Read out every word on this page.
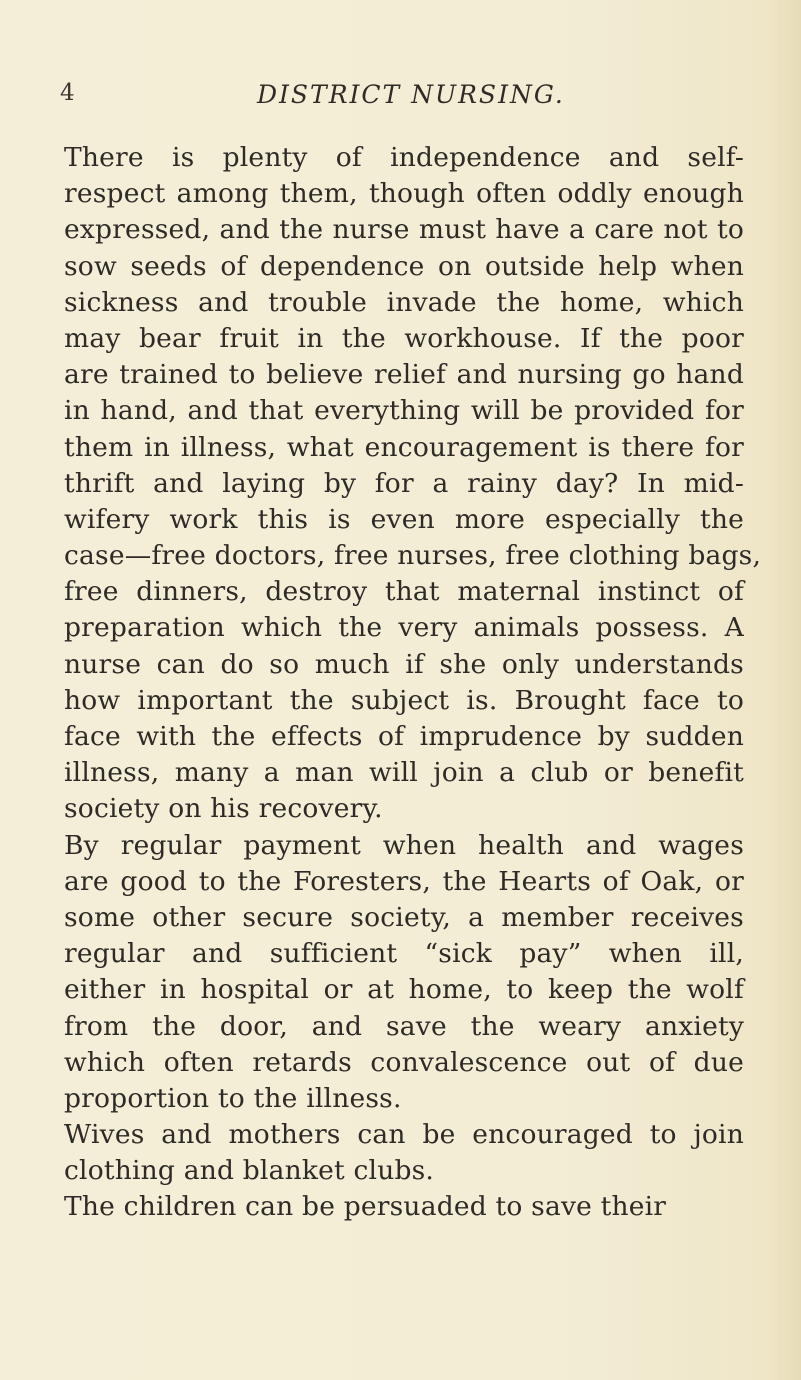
4	DISTRICT NURSING.
There is plenty of independence and self-
respect among them, though often oddly enough
expressed, and the nurse must have a care not to
sow seeds of dependence on outside help when
sickness and trouble invade the home, which
may bear fruit in the workhouse. If the poor
are trained to believe relief and nursing go hand
in hand, and that everything will be provided for
them in illness, what encouragement is there for
thrift and laying by for a rainy day? In mid-
wifery work this is even more especially the
case—free doctors, free nurses, free clothing bags,
free dinners, destroy that maternal instinct of
preparation which the very animals possess. A
nurse can do so much if she only understands
how important the subject is. Brought face to
face with the effects of imprudence by sudden
illness, many a man will join a club or benefit
society on his recovery.
By regular payment when health and wages
are good to the Foresters, the Hearts of Oak, or
some other secure society, a member receives
regular and sufficient “sick pay” when ill,
either in hospital or at home, to keep the wolf
from the door, and save the weary anxiety
which often retards convalescence out of due
proportion to the illness.
Wives and mothers can be encouraged to join
clothing and blanket clubs.
The children can be persuaded to save their
